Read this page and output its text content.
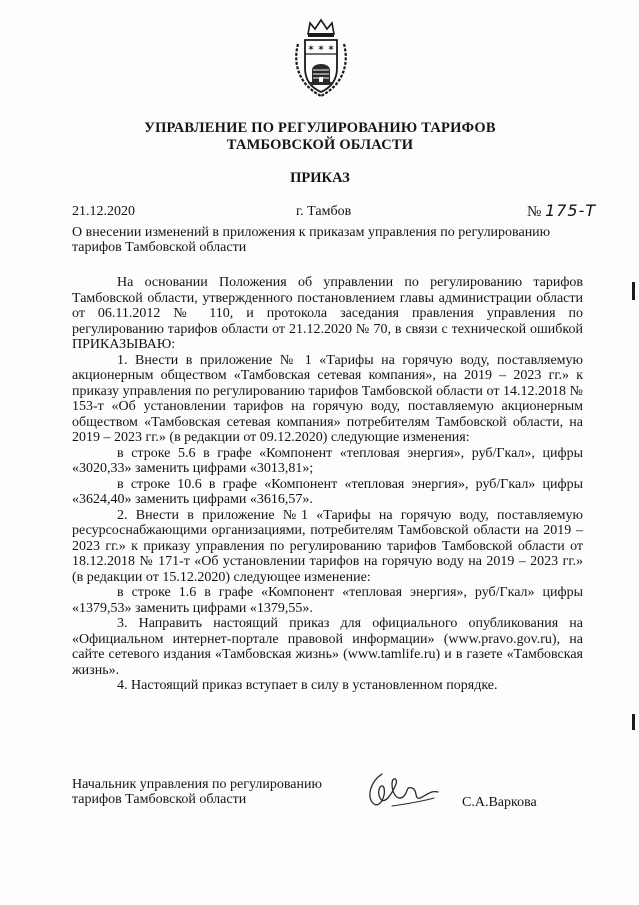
✶ ✶ ✶
УПРАВЛЕНИЕ ПО РЕГУЛИРОВАНИЮ ТАРИФОВ
ТАМБОВСКОЙ ОБЛАСТИ
ПРИКАЗ
21.12.2020	г. Тамбов	№ 175-Т
О внесении изменений в приложения к приказам управления по регулированию тарифов Тамбовской области

На основании Положения об управлении по регулированию тарифов Тамбовской области, утвержденного постановлением главы администрации области от 06.11.2012 № 110, и протокола заседания правления управления по регулированию тарифов области от 21.12.2020 № 70, в связи с технической ошибкой ПРИКАЗЫВАЮ:

1. Внести в приложение № 1 «Тарифы на горячую воду, поставляемую акционерным обществом «Тамбовская сетевая компания», на 2019 – 2023 гг.» к приказу управления по регулированию тарифов Тамбовской области от 14.12.2018 № 153-т «Об установлении тарифов на горячую воду, поставляемую акционерным обществом «Тамбовская сетевая компания» потребителям Тамбовской области, на 2019 – 2023 гг.» (в редакции от 09.12.2020) следующие изменения:

в строке 5.6 в графе «Компонент «тепловая энергия», руб/Гкал», цифры «3020,33» заменить цифрами «3013,81»;

в строке 10.6 в графе «Компонент «тепловая энергия», руб/Гкал» цифры «3624,40» заменить цифрами «3616,57».

2. Внести в приложение №1 «Тарифы на горячую воду, поставляемую ресурсоснабжающими организациями, потребителям Тамбовской области на 2019 – 2023 гг.» к приказу управления по регулированию тарифов Тамбовской области от 18.12.2018 № 171-т «Об установлении тарифов на горячую воду на 2019 – 2023 гг.» (в редакции от 15.12.2020) следующее изменение:

в строке 1.6 в графе «Компонент «тепловая энергия», руб/Гкал» цифры «1379,53» заменить цифрами «1379,55».

3. Направить настоящий приказ для официального опубликования на «Официальном интернет-портале правовой информации» (www.pravo.gov.ru), на сайте сетевого издания «Тамбовская жизнь» (www.tamlife.ru) и в газете «Тамбовская жизнь».

4. Настоящий приказ вступает в силу в установленном порядке.

Начальник управления по регулированию
тарифов Тамбовской области	С.А.Варкова
